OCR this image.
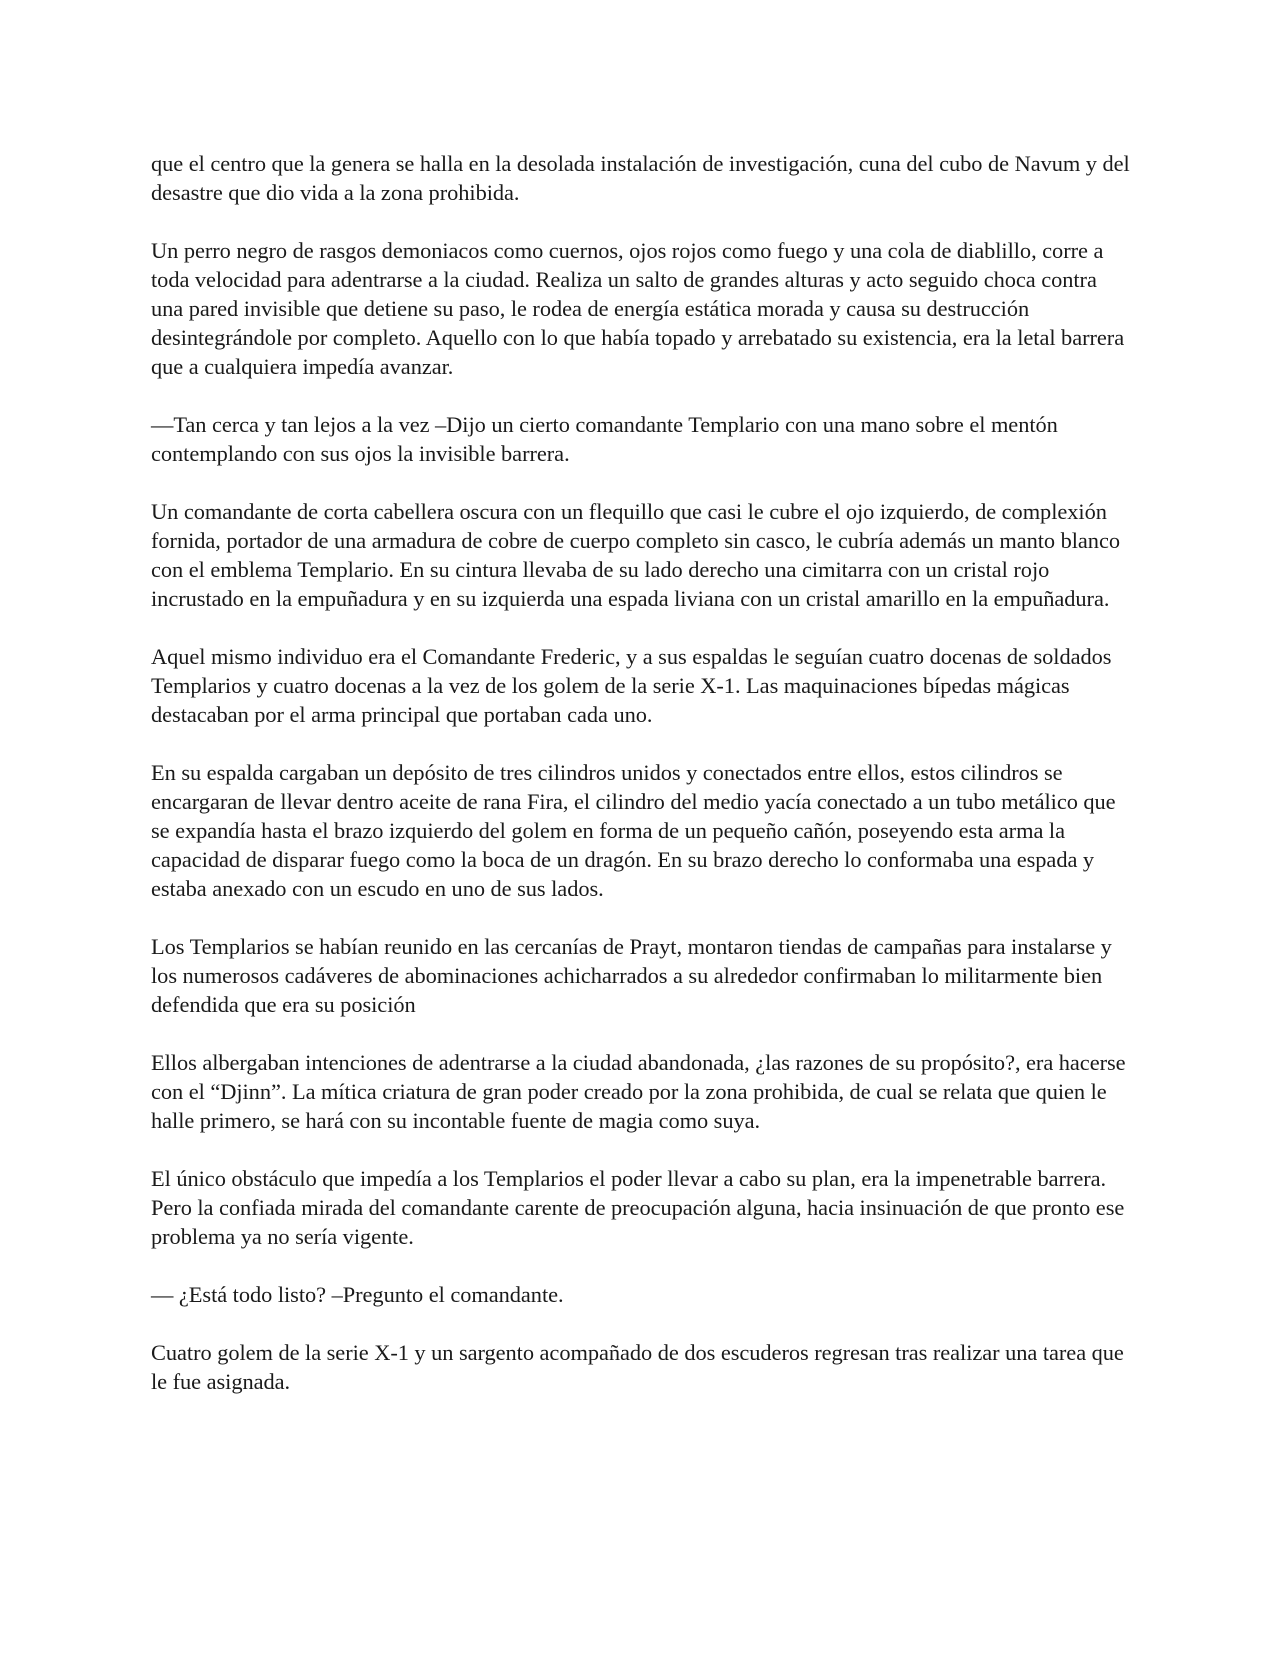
que el centro que la genera se halla en la desolada instalación de investigación, cuna del cubo de Navum y del desastre que dio vida a la zona prohibida.

Un perro negro de rasgos demoniacos como cuernos, ojos rojos como fuego y una cola de diablillo, corre a toda velocidad para adentrarse a la ciudad. Realiza un salto de grandes alturas y acto seguido choca contra una pared invisible que detiene su paso, le rodea de energía estática morada y causa su destrucción desintegrándole por completo. Aquello con lo que había topado y arrebatado su existencia, era la letal barrera que a cualquiera impedía avanzar.

—Tan cerca y tan lejos a la vez –Dijo un cierto comandante Templario con una mano sobre el mentón contemplando con sus ojos la invisible barrera.

Un comandante de corta cabellera oscura con un flequillo que casi le cubre el ojo izquierdo, de complexión fornida, portador de una armadura de cobre de cuerpo completo sin casco, le cubría además un manto blanco con el emblema Templario. En su cintura llevaba de su lado derecho una cimitarra con un cristal rojo incrustado en la empuñadura y en su izquierda una espada liviana con un cristal amarillo en la empuñadura.

Aquel mismo individuo era el Comandante Frederic, y a sus espaldas le seguían cuatro docenas de soldados Templarios y cuatro docenas a la vez de los golem de la serie X-1. Las maquinaciones bípedas mágicas destacaban por el arma principal que portaban cada uno.

En su espalda cargaban un depósito de tres cilindros unidos y conectados entre ellos, estos cilindros se encargaran de llevar dentro aceite de rana Fira, el cilindro del medio yacía conectado a un tubo metálico que se expandía hasta el brazo izquierdo del golem en forma de un pequeño cañón, poseyendo esta arma la capacidad de disparar fuego como la boca de un dragón. En su brazo derecho lo conformaba una espada y estaba anexado con un escudo en uno de sus lados.

Los Templarios se habían reunido en las cercanías de Prayt, montaron tiendas de campañas para instalarse y los numerosos cadáveres de abominaciones achicharrados a su alrededor confirmaban lo militarmente bien defendida que era su posición

Ellos albergaban intenciones de adentrarse a la ciudad abandonada, ¿las razones de su propósito?, era hacerse con el “Djinn”. La mítica criatura de gran poder creado por la zona prohibida, de cual se relata que quien le halle primero, se hará con su incontable fuente de magia como suya.

El único obstáculo que impedía a los Templarios el poder llevar a cabo su plan, era la impenetrable barrera. Pero la confiada mirada del comandante carente de preocupación alguna, hacia insinuación de que pronto ese problema ya no sería vigente.

— ¿Está todo listo? –Pregunto el comandante.

Cuatro golem de la serie X-1 y un sargento acompañado de dos escuderos regresan tras realizar una tarea que le fue asignada.
